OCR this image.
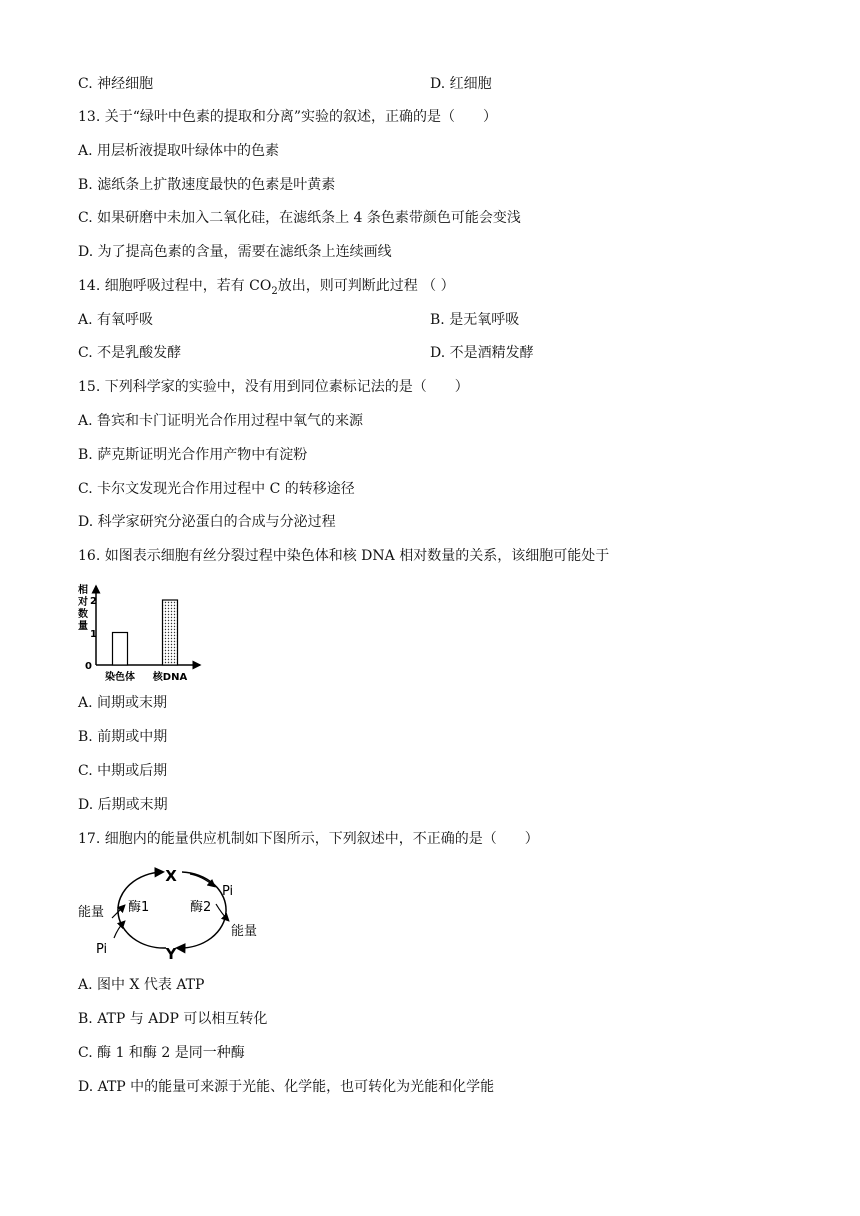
C. 神经细胞	D. 红细胞
13. 关于“绿叶中色素的提取和分离”实验的叙述，正确的是（　　）
A. 用层析液提取叶绿体中的色素
B. 滤纸条上扩散速度最快的色素是叶黄素
C. 如果研磨中未加入二氧化硅，在滤纸条上 4 条色素带颜色可能会变浅
D. 为了提高色素的含量，需要在滤纸条上连续画线
14. 细胞呼吸过程中，若有 $CO_2$放出，则可判断此过程 （ ）
A. 有氧呼吸	B. 是无氧呼吸
C. 不是乳酸发酵	D. 不是酒精发酵
15. 下列科学家的实验中，没有用到同位素标记法的是（　　）
A. 鲁宾和卡门证明光合作用过程中氧气的来源
B. 萨克斯证明光合作用产物中有淀粉
C. 卡尔文发现光合作用过程中 C 的转移途径
D. 科学家研究分泌蛋白的合成与分泌过程
16. 如图表示细胞有丝分裂过程中染色体和核 DNA 相对数量的关系，该细胞可能处于
相对数量
0
1
2
染色体 核DNA
A. 间期或末期
B. 前期或中期
C. 中期或后期
D. 后期或末期
17. 细胞内的能量供应机制如下图所示，下列叙述中，不正确的是（　　）
X
Y
酶1	酶2
能量
能量
Pi
Pi
A. 图中 X 代表 ATP
B. ATP 与 ADP 可以相互转化
C. 酶 1 和酶 2 是同一种酶
D. ATP 中的能量可来源于光能、化学能，也可转化为光能和化学能
